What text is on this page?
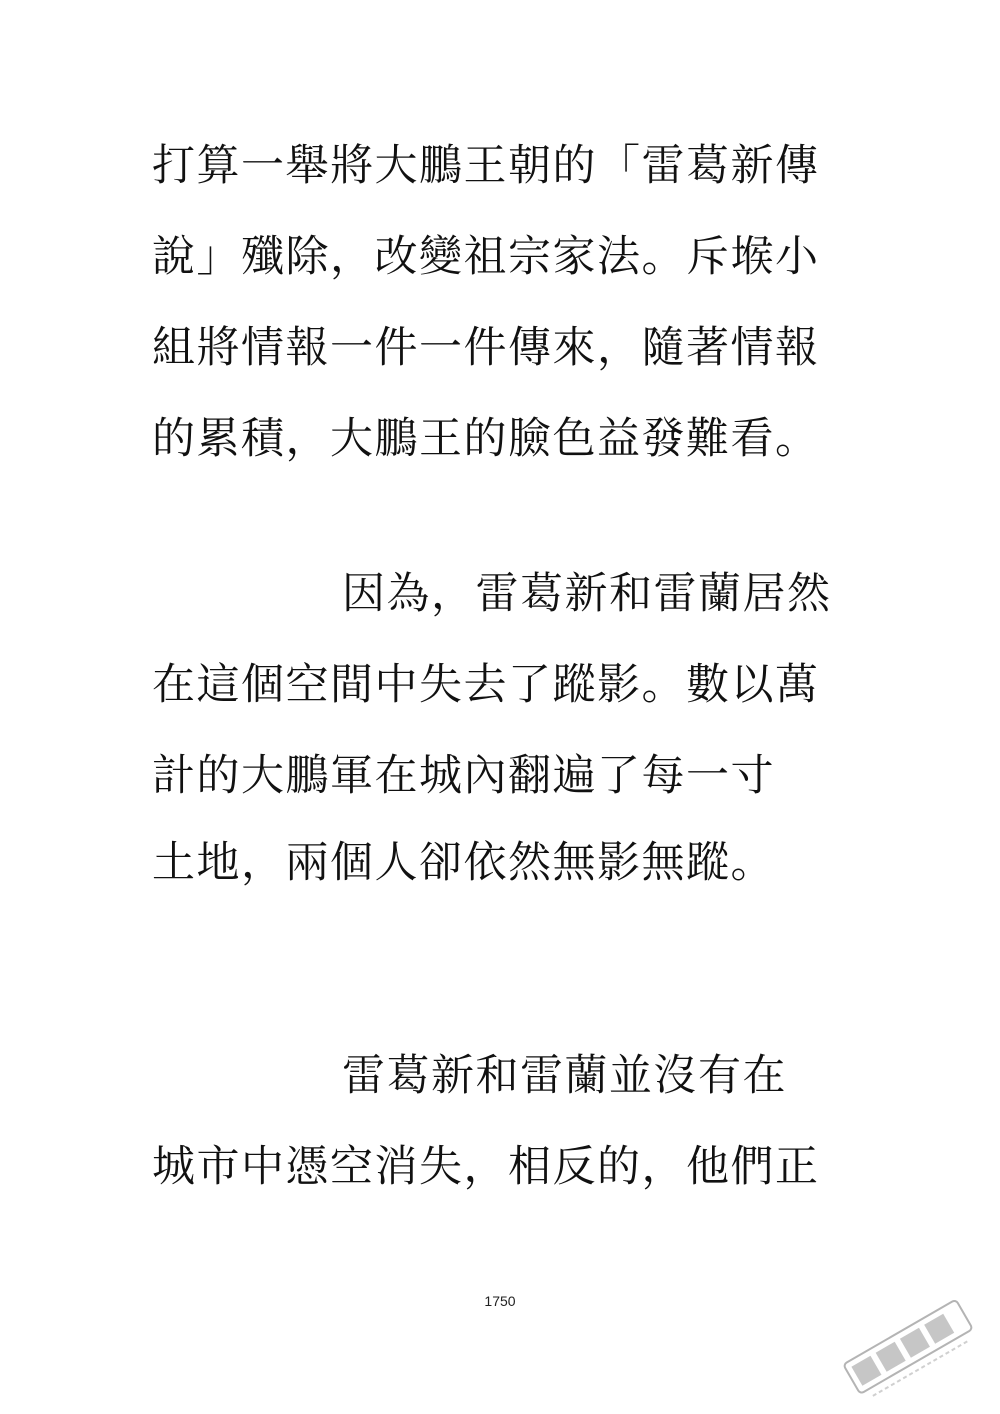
打算一舉將大鵬王朝的「雷葛新傳
說」殲除，改變祖宗家法。斥堠小
組將情報一件一件傳來，隨著情報
的累積，大鵬王的臉色益發難看。
因為，雷葛新和雷蘭居然
在這個空間中失去了蹤影。數以萬
計的大鵬軍在城內翻遍了每一寸
土地，兩個人卻依然無影無蹤。
雷葛新和雷蘭並沒有在
城市中憑空消失，相反的，他們正
1750
